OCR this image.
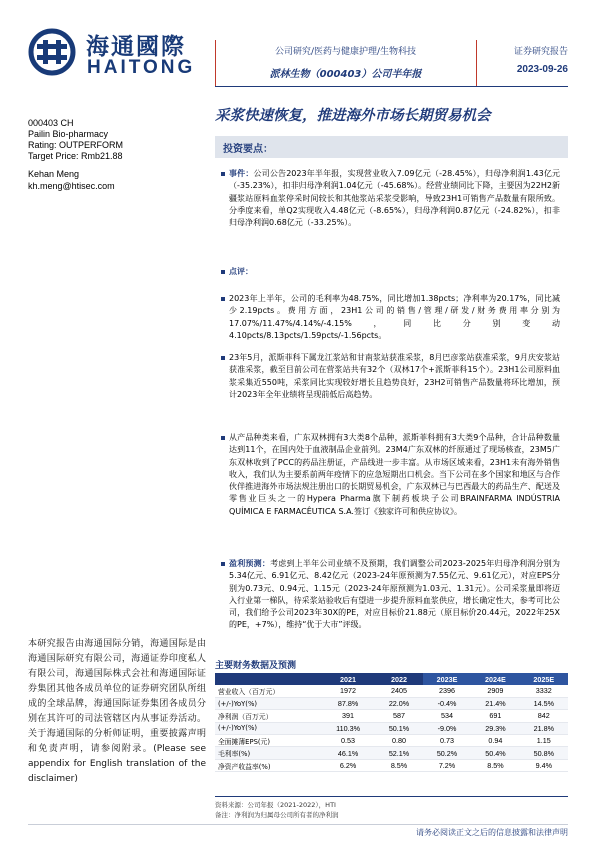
海通國際
HAITONG
公司研究/医药与健康护理/生物科技
派林生物（000403）公司半年报
证券研究报告
2023-09-26
000403 CH
Pailin Bio-pharmacy
Rating: OUTPERFORM
Target Price: Rmb21.88
Kehan Meng
kh.meng@htisec.com
本研究报告由海通国际分销，海通国际是由海通国际研究有限公司，海通证券印度私人有限公司，海通国际株式会社和海通国际证券集团其他各成员单位的证券研究团队所组成的全球品牌，海通国际证券集团各成员分别在其许可的司法管辖区内从事证券活动。关于海通国际的分析师证明，重要披露声明和免责声明，请参阅附录。(Please see appendix for English translation of the disclaimer)
采浆快速恢复，推进海外市场长期贸易机会
投资要点：
事件：公司公告2023年半年报，实现营业收入7.09亿元（-28.45%），归母净利润1.43亿元（-35.23%），扣非归母净利润1.04亿元（-45.68%）。经营业绩同比下降，主要因为22H2新疆浆站原料血浆停采时间较长和其他浆站采浆受影响，导致23H1可销售产品数量有限所致。分季度来看，单Q2实现收入4.48亿元（-8.65%），归母净利润0.87亿元（-24.82%），扣非归母净利润0.68亿元（-33.25%）。
点评：
2023年上半年，公司的毛利率为48.75%，同比增加1.38pcts；净利率为20.17%，同比减少2.19pcts。费用方面，23H1公司的销售/管理/研发/财务费用率分别为17.07%/11.47%/4.14%/-4.15%，同比分别变动4.10pcts/8.13pcts/1.59pcts/-1.56pcts。
23年5月，派斯菲科下属龙江浆站和甘南浆站获准采浆，8月巴彦浆站获准采浆，9月庆安浆站获准采浆，截至目前公司在营浆站共有32个（双林17个+派斯菲科15个）。23H1公司原料血浆采集近550吨，采浆同比实现较好增长且趋势良好，23H2可销售产品数量将环比增加，预计2023年全年业绩将呈现前低后高趋势。
从产品种类来看，广东双林拥有3大类8个品种，派斯菲科拥有3大类9个品种，合计品种数量达到11个，在国内处于血液制品企业前列。23M4广东双林的纤原通过了现场核查，23M5广东双林收到了PCC的药品注册证，产品线进一步丰富。从市场区域来看，23H1未有海外销售收入，我们认为主要系前两年疫情下的应急短期出口机会。当下公司在多个国家和地区与合作伙伴推进海外市场法规注册出口的长期贸易机会，广东双林已与巴西最大的药品生产、配送及零售业巨头之一的Hypera Pharma旗下制药板块子公司BRAINFARMA INDÚSTRIA QUÍMICA E FARMACÊUTICA S.A.签订《独家许可和供应协议》。
盈利预测：考虑到上半年公司业绩不及预期，我们调整公司2023-2025年归母净利润分别为5.34亿元、6.91亿元、8.42亿元（2023-24年原预测为7.55亿元、9.61亿元），对应EPS分别为0.73元、0.94元、1.15元（2023-24年原预测为1.03元、1.31元）。公司采浆量即将迈入行业第一梯队，待采浆站验收后有望进一步提升原料血浆供应，增长确定性大，参考可比公司，我们给予公司2023年30X的PE，对应目标价21.88元（原目标价20.44元，2022年25X的PE，+7%），维持“优于大市”评级。
主要财务数据及预测
	2021	2022	2023E	2024E	2025E
营业收入（百万元）	1972	2405	2396	2909	3332
(+/-)YoY(%)	87.8%	22.0%	-0.4%	21.4%	14.5%
净利润（百万元）	391	587	534	691	842
(+/-)YoY(%)	110.3%	50.1%	-9.0%	29.3%	21.8%
全面摊薄EPS(元)	0.53	0.80	0.73	0.94	1.15
毛利率(%)	46.1%	52.1%	50.2%	50.4%	50.8%
净资产收益率(%)	6.2%	8.5%	7.2%	8.5%	9.4%
资料来源：公司年报（2021-2022），HTI
备注：净利润为归属母公司所有者的净利润
请务必阅读正文之后的信息披露和法律声明
